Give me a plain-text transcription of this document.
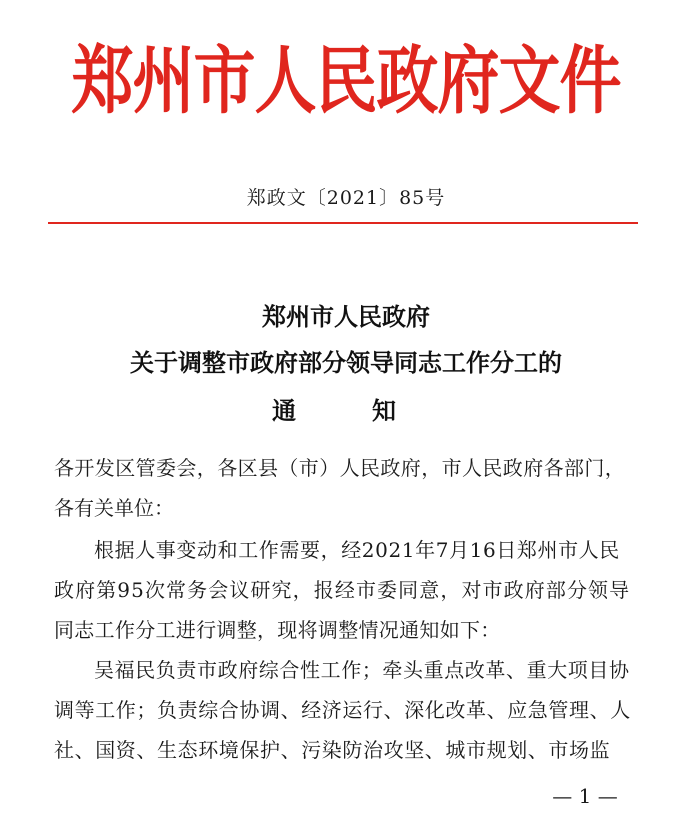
郑州市人民政府文件
郑政文〔2021〕85号
郑州市人民政府
关于调整市政府部分领导同志工作分工的
通	知
各开发区管委会，各区县（市）人民政府，市人民政府各部门，
各有关单位：
根据人事变动和工作需要，经2021年7月16日郑州市人民
政府第95次常务会议研究，报经市委同意，对市政府部分领导
同志工作分工进行调整，现将调整情况通知如下：
吴福民负责市政府综合性工作；牵头重点改革、重大项目协
调等工作；负责综合协调、经济运行、深化改革、应急管理、人
社、国资、生态环境保护、污染防治攻坚、城市规划、市场监
— 1 —
